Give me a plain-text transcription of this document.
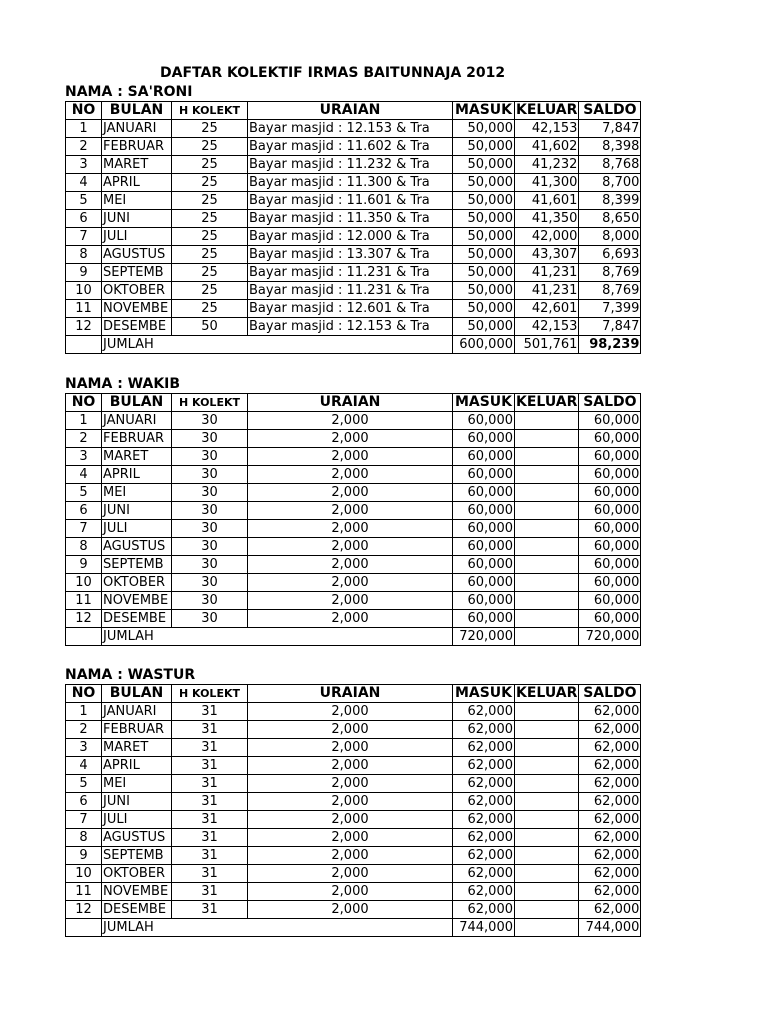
DAFTAR KOLEKTIF IRMAS BAITUNNAJA 2012
NAMA : SA'RONI
NO	BULAN	H KOLEKT	URAIAN	MASUK	KELUAR	SALDO
1	JANUARI	25	Bayar masjid : 12.153 & Tra	50,000	42,153	7,847
2	FEBRUAR	25	Bayar masjid : 11.602 & Tra	50,000	41,602	8,398
3	MARET	25	Bayar masjid : 11.232 & Tra	50,000	41,232	8,768
4	APRIL	25	Bayar masjid : 11.300 & Tra	50,000	41,300	8,700
5	MEI	25	Bayar masjid : 11.601 & Tra	50,000	41,601	8,399
6	JUNI	25	Bayar masjid : 11.350 & Tra	50,000	41,350	8,650
7	JULI	25	Bayar masjid : 12.000 & Tra	50,000	42,000	8,000
8	AGUSTUS	25	Bayar masjid : 13.307 & Tra	50,000	43,307	6,693
9	SEPTEMB	25	Bayar masjid : 11.231 & Tra	50,000	41,231	8,769
10	OKTOBER	25	Bayar masjid : 11.231 & Tra	50,000	41,231	8,769
11	NOVEMBE	25	Bayar masjid : 12.601 & Tra	50,000	42,601	7,399
12	DESEMBE	50	Bayar masjid : 12.153 & Tra	50,000	42,153	7,847
	JUMLAH			600,000	501,761	98,239
NAMA : WAKIB
NO	BULAN	H KOLEKT	URAIAN	MASUK	KELUAR	SALDO
1	JANUARI	30	2,000	60,000		60,000
2	FEBRUAR	30	2,000	60,000		60,000
3	MARET	30	2,000	60,000		60,000
4	APRIL	30	2,000	60,000		60,000
5	MEI	30	2,000	60,000		60,000
6	JUNI	30	2,000	60,000		60,000
7	JULI	30	2,000	60,000		60,000
8	AGUSTUS	30	2,000	60,000		60,000
9	SEPTEMB	30	2,000	60,000		60,000
10	OKTOBER	30	2,000	60,000		60,000
11	NOVEMBE	30	2,000	60,000		60,000
12	DESEMBE	30	2,000	60,000		60,000
	JUMLAH			720,000		720,000
NAMA : WASTUR
NO	BULAN	H KOLEKT	URAIAN	MASUK	KELUAR	SALDO
1	JANUARI	31	2,000	62,000		62,000
2	FEBRUAR	31	2,000	62,000		62,000
3	MARET	31	2,000	62,000		62,000
4	APRIL	31	2,000	62,000		62,000
5	MEI	31	2,000	62,000		62,000
6	JUNI	31	2,000	62,000		62,000
7	JULI	31	2,000	62,000		62,000
8	AGUSTUS	31	2,000	62,000		62,000
9	SEPTEMB	31	2,000	62,000		62,000
10	OKTOBER	31	2,000	62,000		62,000
11	NOVEMBE	31	2,000	62,000		62,000
12	DESEMBE	31	2,000	62,000		62,000
	JUMLAH			744,000		744,000
